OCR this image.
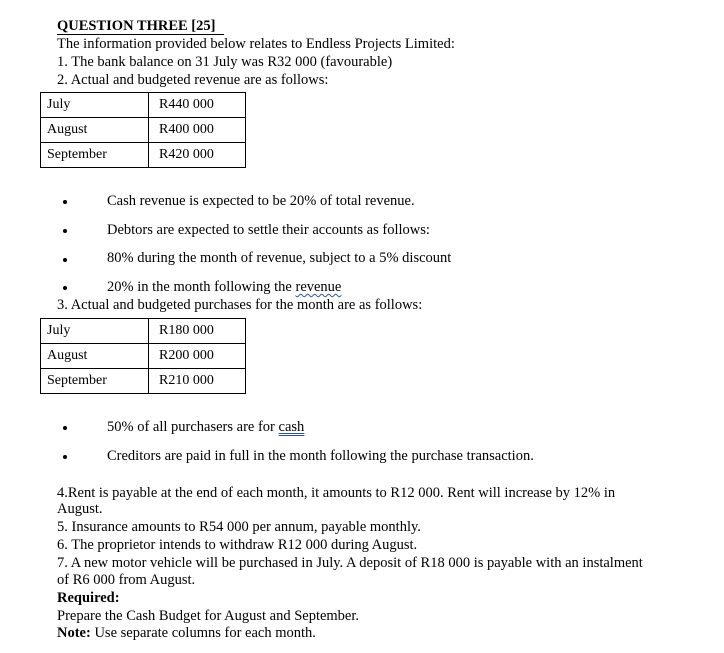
QUESTION THREE [25]
The information provided below relates to Endless Projects Limited:
1. The bank balance on 31 July was R32 000 (favourable)
2. Actual and budgeted revenue are as follows:
July	R440 000
August	R400 000
September	R420 000
Cash revenue is expected to be 20% of total revenue.
Debtors are expected to settle their accounts as follows:
80% during the month of revenue, subject to a 5% discount
20% in the month following the revenue
3. Actual and budgeted purchases for the month are as follows:
July	R180 000
August	R200 000
September	R210 000
50% of all purchasers are for cash
Creditors are paid in full in the month following the purchase transaction.
4.Rent is payable at the end of each month, it amounts to R12 000. Rent will increase by 12% in
August.
5. Insurance amounts to R54 000 per annum, payable monthly.
6. The proprietor intends to withdraw R12 000 during August.
7. A new motor vehicle will be purchased in July. A deposit of R18 000 is payable with an instalment
of R6 000 from August.
Required:
Prepare the Cash Budget for August and September.
Note: Use separate columns for each month.
